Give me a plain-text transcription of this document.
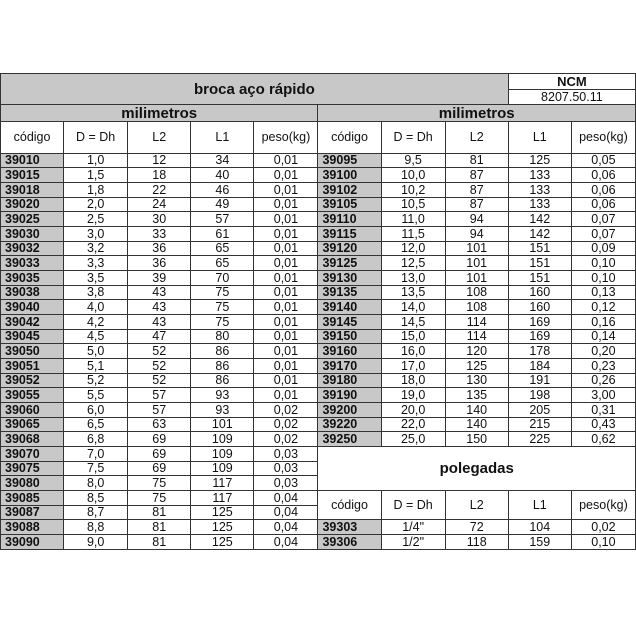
broca aço rápido								NCM	
								8207.50.11	
milimetros					milimetros				
código	D = Dh	L2	L1	peso(kg)	código	D = Dh	L2	L1	peso(kg)
39010	1,0	12	34	0,01	39095	9,5	81	125	0,05
39015	1,5	18	40	0,01	39100	10,0	87	133	0,06
39018	1,8	22	46	0,01	39102	10,2	87	133	0,06
39020	2,0	24	49	0,01	39105	10,5	87	133	0,06
39025	2,5	30	57	0,01	39110	11,0	94	142	0,07
39030	3,0	33	61	0,01	39115	11,5	94	142	0,07
39032	3,2	36	65	0,01	39120	12,0	101	151	0,09
39033	3,3	36	65	0,01	39125	12,5	101	151	0,10
39035	3,5	39	70	0,01	39130	13,0	101	151	0,10
39038	3,8	43	75	0,01	39135	13,5	108	160	0,13
39040	4,0	43	75	0,01	39140	14,0	108	160	0,12
39042	4,2	43	75	0,01	39145	14,5	114	169	0,16
39045	4,5	47	80	0,01	39150	15,0	114	169	0,14
39050	5,0	52	86	0,01	39160	16,0	120	178	0,20
39051	5,1	52	86	0,01	39170	17,0	125	184	0,23
39052	5,2	52	86	0,01	39180	18,0	130	191	0,26
39055	5,5	57	93	0,01	39190	19,0	135	198	3,00
39060	6,0	57	93	0,02	39200	20,0	140	205	0,31
39065	6,5	63	101	0,02	39220	22,0	140	215	0,43
39068	6,8	69	109	0,02	39250	25,0	150	225	0,62
39070	7,0	69	109	0,03	polegadas				
39075	7,5	69	109	0,03					
39080	8,0	75	117	0,03					
39085	8,5	75	117	0,04	código	D = Dh	L2	L1	peso(kg)
39087	8,7	81	125	0,04					
39088	8,8	81	125	0,04	39303	1/4"	72	104	0,02
39090	9,0	81	125	0,04	39306	1/2"	118	159	0,10
